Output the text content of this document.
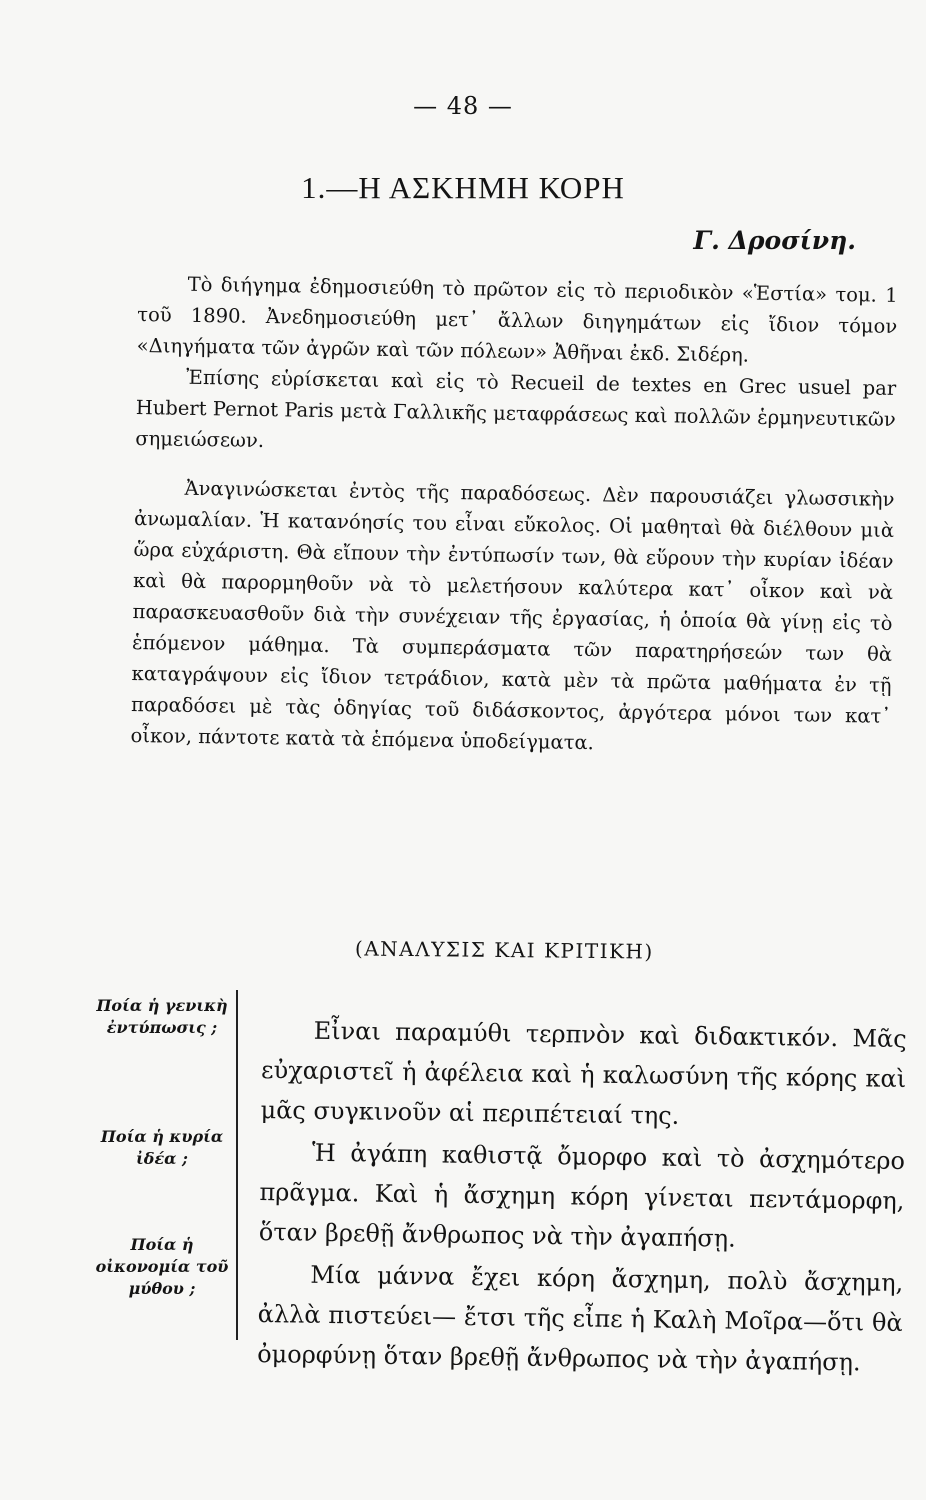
— 48 —
1.—Η ΑΣΚΗΜΗ ΚΟΡΗ
Γ. Δροσίνη.

Τὸ διήγημα ἐδημοσιεύθη τὸ πρῶτον εἰς τὸ περιοδικὸν «Ἑστία» τομ. 1 τοῦ 1890. Ἀνεδημοσιεύθη μετ᾽ ἄλλων διηγημάτων εἰς ἴδιον τόμον «Διηγήματα τῶν ἀγρῶν καὶ τῶν πόλεων» Ἀθῆναι ἐκδ. Σιδέρη.

Ἐπίσης εὑρίσκεται καὶ εἰς τὸ Recueil de textes en Grec usuel par Hubert Pernot Paris μετὰ Γαλλικῆς μεταφράσεως καὶ πολλῶν ἑρμηνευτικῶν σημειώσεων.

Ἀναγινώσκεται ἐντὸς τῆς παραδόσεως. Δὲν παρουσιάζει γλωσσικὴν ἀνωμαλίαν. Ἡ κατανόησίς του εἶναι εὔκολος. Οἱ μαθηταὶ θὰ διέλθουν μιὰ ὥρα εὐχάριστη. Θὰ εἴπουν τὴν ἐντύπωσίν των, θὰ εὕρουν τὴν κυρίαν ἰδέαν καὶ θὰ παρορμηθοῦν νὰ τὸ μελετήσουν καλύτερα κατ᾽ οἶκον καὶ νὰ παρασκευασθοῦν διὰ τὴν συνέχειαν τῆς ἐργασίας, ἡ ὁποία θὰ γίνῃ εἰς τὸ ἑπόμενον μάθημα. Τὰ συμπεράσματα τῶν παρατηρήσεών των θὰ καταγράψουν εἰς ἴδιον τετράδιον, κατὰ μὲν τὰ πρῶτα μαθήματα ἐν τῇ παραδόσει μὲ τὰς ὁδηγίας τοῦ διδάσκοντος, ἀργότερα μόνοι των κατ᾽ οἶκον, πάντοτε κατὰ τὰ ἑπόμενα ὑποδείγματα.

(ΑΝΑΛΥΣΙΣ ΚΑΙ ΚΡΙΤΙΚΗ)
Ποία ἡ γενικὴ ἐντύπωσις ;
Ποία ἡ κυρία ἰδέα ;
Ποία ἡ οἰκονομία τοῦ μύθου ;

Εἶναι παραμύθι τερπνὸν καὶ διδακτικόν. Μᾶς εὐχαριστεῖ ἡ ἀφέλεια καὶ ἡ καλωσύνη τῆς κόρης καὶ μᾶς συγκινοῦν αἱ περιπέτειαί της.

Ἡ ἀγάπη καθιστᾷ ὄμορφο καὶ τὸ ἀσχημότερο πρᾶγμα. Καὶ ἡ ἄσχημη κόρη γίνεται πεντάμορφη, ὅταν βρεθῇ ἄνθρωπος νὰ τὴν ἀγαπήσῃ.

Μία μάννα ἔχει κόρη ἄσχημη, πολὺ ἄσχημη, ἀλλὰ πιστεύει— ἔτσι τῆς εἶπε ἡ Καλὴ Μοῖρα—ὅτι θὰ ὀμορφύνῃ ὅταν βρεθῇ ἄνθρωπος νὰ τὴν ἀγαπήσῃ.
